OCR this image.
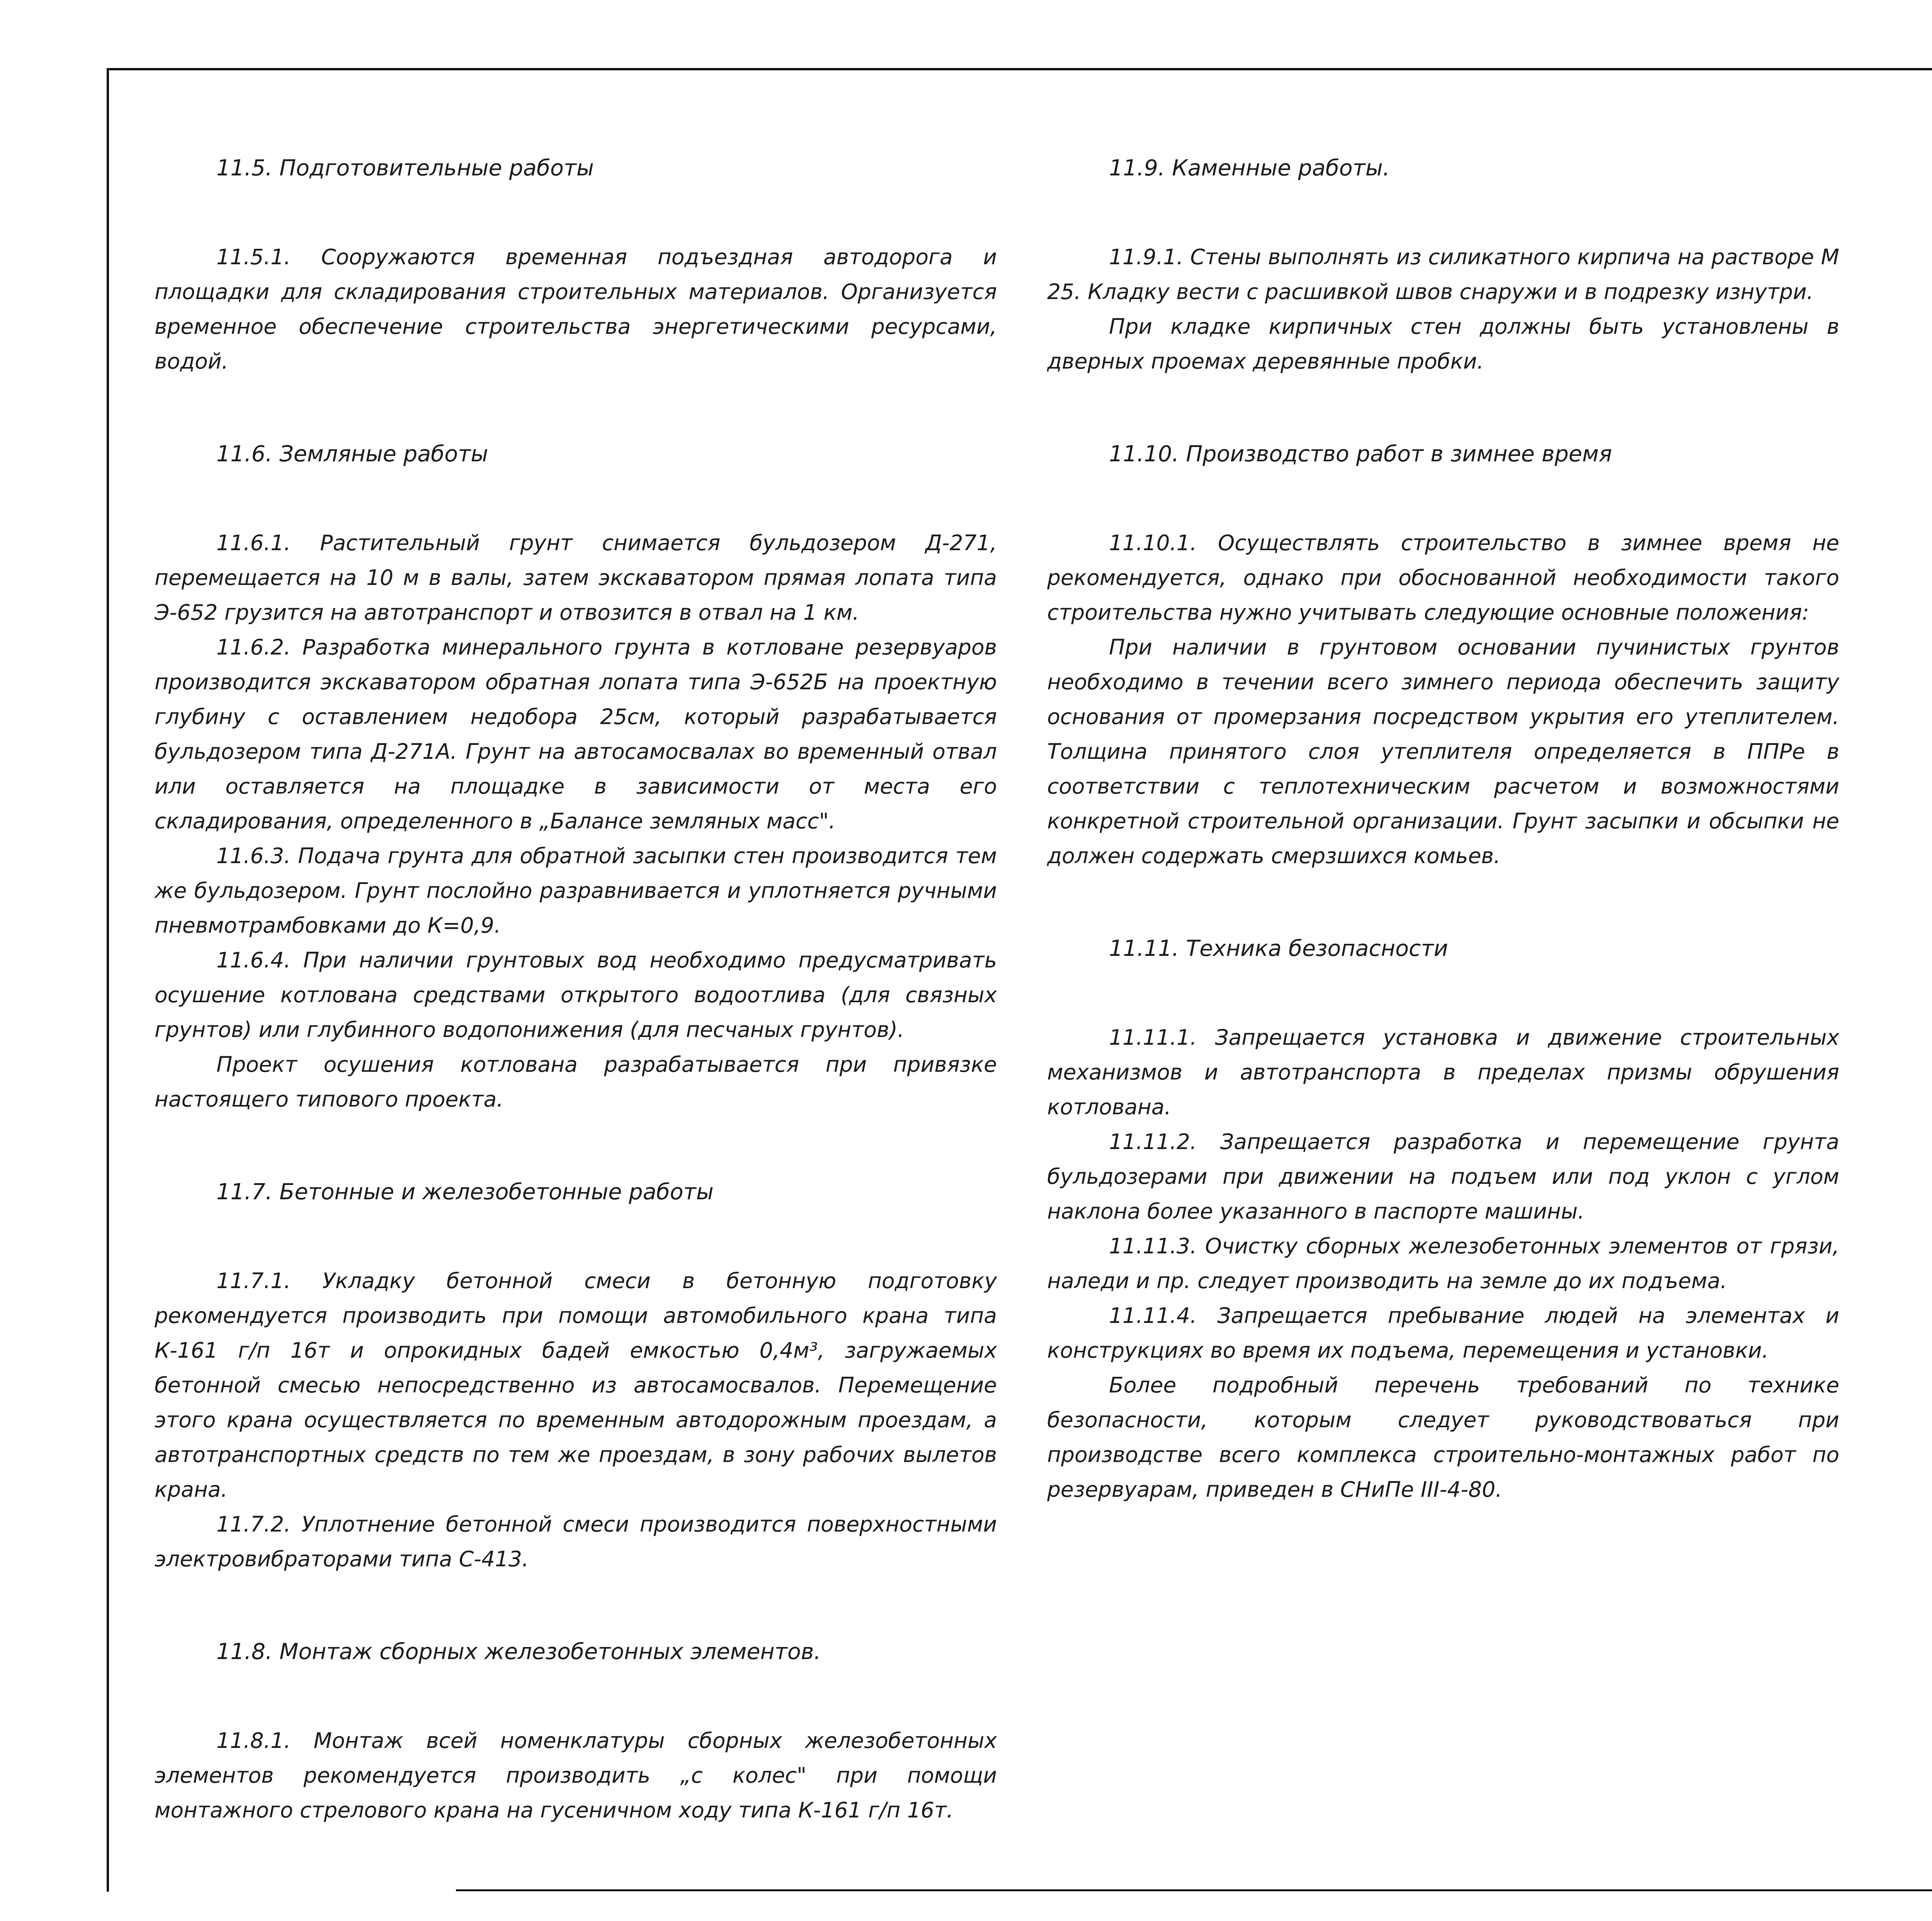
11.5. Подготовительные работы

11.5.1. Сооружаются временная подъездная автодорога и площадки для складирования строительных материалов. Организуется временное обеспечение строительства энергетическими ресурсами, водой.

11.6. Земляные работы

11.6.1. Растительный грунт снимается бульдозером Д-271, перемещается на 10 м в валы, затем экскаватором прямая лопата типа Э-652 грузится на автотранспорт и отвозится в отвал на 1 км.

11.6.2. Разработка минерального грунта в котловане резервуаров производится экскаватором обратная лопата типа Э-652Б на проектную глубину с оставлением недобора 25см, который разрабатывается бульдозером типа Д-271А. Грунт на автосамосвалах во временный отвал или оставляется на площадке в зависимости от места его складирования, определенного в „Балансе земляных масс".

11.6.3. Подача грунта для обратной засыпки стен производится тем же бульдозером. Грунт послойно разравнивается и уплотняется ручными пневмотрамбовками до К=0,9.

11.6.4. При наличии грунтовых вод необходимо предусматривать осушение котлована средствами открытого водоотлива (для связных грунтов) или глубинного водопонижения (для песчаных грунтов).

Проект осушения котлована разрабатывается при привязке настоящего типового проекта.

11.7. Бетонные и железобетонные работы

11.7.1. Укладку бетонной смеси в бетонную подготовку рекомендуется производить при помощи автомобильного крана типа К-161 г/п 16т и опрокидных бадей емкостью 0,4м³, загружаемых бетонной смесью непосредственно из автосамосвалов. Перемещение этого крана осуществляется по временным автодорожным проездам, а автотранспортных средств по тем же проездам, в зону рабочих вылетов крана.

11.7.2. Уплотнение бетонной смеси производится поверхностными электровибраторами типа С-413.

11.8. Монтаж сборных железобетонных элементов.

11.8.1. Монтаж всей номенклатуры сборных железобетонных элементов рекомендуется производить „с колес" при помощи монтажного стрелового крана на гусеничном ходу типа К-161 г/п 16т.

11.9. Каменные работы.

11.9.1. Стены выполнять из силикатного кирпича на растворе М 25. Кладку вести с расшивкой швов снаружи и в подрезку изнутри.

При кладке кирпичных стен должны быть установлены в дверных проемах деревянные пробки.

11.10. Производство работ в зимнее время

11.10.1. Осуществлять строительство в зимнее время не рекомендуется, однако при обоснованной необходимости такого строительства нужно учитывать следующие основные положения:

При наличии в грунтовом основании пучинистых грунтов необходимо в течении всего зимнего периода обеспечить защиту основания от промерзания посредством укрытия его утеплителем. Толщина принятого слоя утеплителя определяется в ППРе в соответствии с теплотехническим расчетом и возможностями конкретной строительной организации. Грунт засыпки и обсыпки не должен содержать смерзшихся комьев.

11.11. Техника безопасности

11.11.1. Запрещается установка и движение строительных механизмов и автотранспорта в пределах призмы обрушения котлована.

11.11.2. Запрещается разработка и перемещение грунта бульдозерами при движении на подъем или под уклон с углом наклона более указанного в паспорте машины.

11.11.3. Очистку сборных железобетонных элементов от грязи, наледи и пр. следует производить на земле до их подъема.

11.11.4. Запрещается пребывание людей на элементах и конструкциях во время их подъема, перемещения и установки.

Более подробный перечень требований по технике безопасности, которым следует руководствоваться при производстве всего комплекса строительно-монтажных работ по резервуарам, приведен в СНиПе III-4-80.
